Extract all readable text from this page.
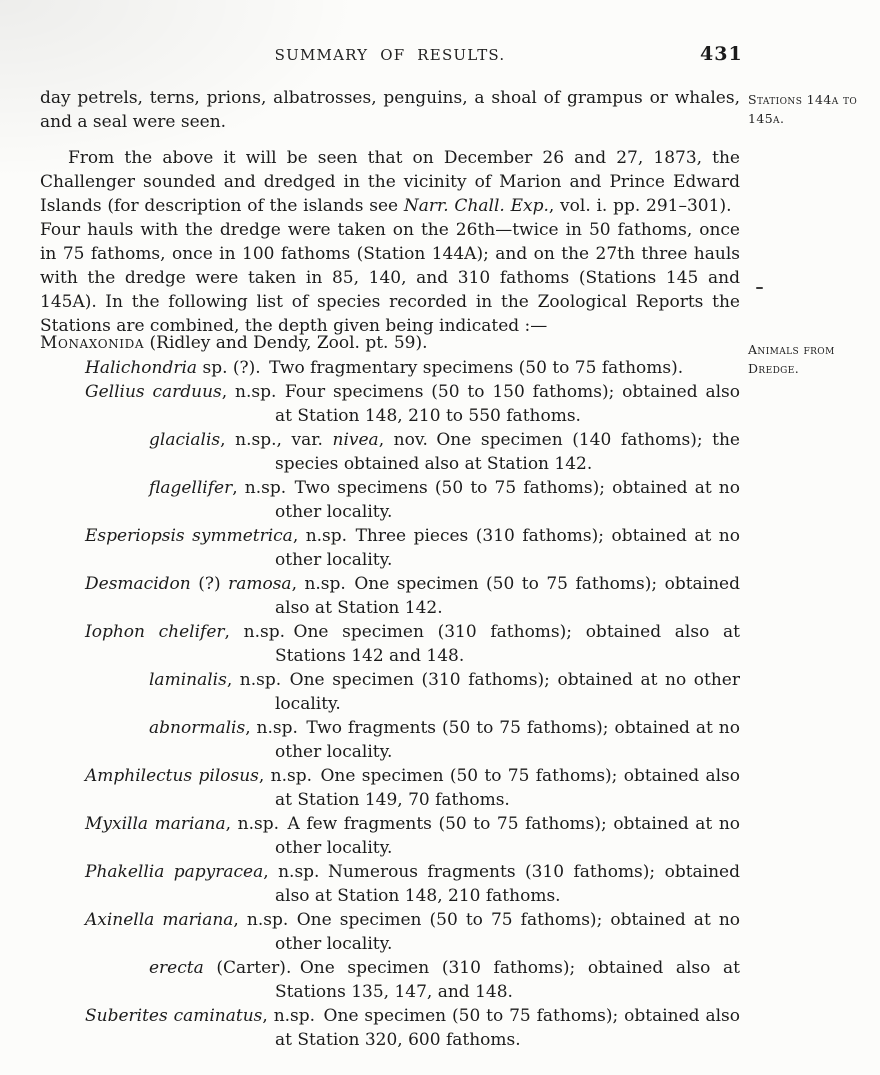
SUMMARY OF RESULTS.	431

day petrels, terns, prions, albatrosses, penguins, a shoal of grampus or whales, and a seal were seen.

From the above it will be seen that on December 26 and 27, 1873, the Challenger sounded and dredged in the vicinity of Marion and Prince Edward Islands (for description of the islands see Narr. Chall. Exp., vol. i. pp. 291–301). Four hauls with the dredge were taken on the 26th—twice in 50 fathoms, once in 75 fathoms, once in 100 fathoms (Station 144A); and on the 27th three hauls with the dredge were taken in 85, 140, and 310 fathoms (Stations 145 and 145A). In the following list of species recorded in the Zoological Reports the Stations are combined, the depth given being indicated :—

Monaxonida (Ridley and Dendy, Zool. pt. 59).

Halichondria sp. (?). Two fragmentary specimens (50 to 75 fathoms).
Gellius carduus, n.sp. Four specimens (50 to 150 fathoms); obtained also at Station 148, 210 to 550 fathoms.
glacialis, n.sp., var. nivea, nov. One specimen (140 fathoms); the species obtained also at Station 142.
flagellifer, n.sp. Two specimens (50 to 75 fathoms); obtained at no other locality.
Esperiopsis symmetrica, n.sp. Three pieces (310 fathoms); obtained at no other locality.
Desmacidon (?) ramosa, n.sp. One specimen (50 to 75 fathoms); obtained also at Station 142.
Iophon chelifer, n.sp. One specimen (310 fathoms); obtained also at Stations 142 and 148.
laminalis, n.sp. One specimen (310 fathoms); obtained at no other locality.
abnormalis, n.sp. Two fragments (50 to 75 fathoms); obtained at no other locality.
Amphilectus pilosus, n.sp. One specimen (50 to 75 fathoms); obtained also at Station 149, 70 fathoms.
Myxilla mariana, n.sp. A few fragments (50 to 75 fathoms); obtained at no other locality.
Phakellia papyracea, n.sp. Numerous fragments (310 fathoms); obtained also at Station 148, 210 fathoms.
Axinella mariana, n.sp. One specimen (50 to 75 fathoms); obtained at no other locality.
erecta (Carter). One specimen (310 fathoms); obtained also at Stations 135, 147, and 148.
Suberites caminatus, n.sp. One specimen (50 to 75 fathoms); obtained also at Station 320, 600 fathoms.
Stations 144a to 145a.
Animals from Dredge.
